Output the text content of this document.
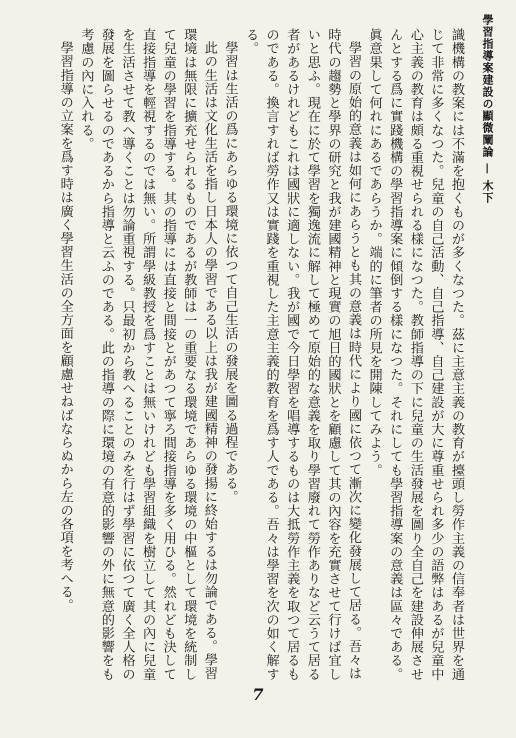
學習指導案建設の顯微闡論 — 木下

識機構の教案には不滿を抱くものが多くなつた。茲に主意主義の教育が擡頭し勞作主義の信奉者は世界を通じて非常に多くなつた。兒童の自己活動、自己指導、自己建設が大に尊重せられ多少の語弊はあるが兒童中心主義の教育は頗る重視せられる樣になつた。教師指導の下に兒童の生活發展を圖り全自己を建設伸展させんとする爲に實踐機構の學習指導案に傾倒する樣になつた。それにしても學習指導案の意義は區々である。眞意果して何れにあるであらうか。端的に筆者の所見を開陳してみよう。

學習の原始的意義は如何にあらうとも其の意義は時代により國に依つて漸次に變化發展して居る。吾々は時代の趨勢と學界の研究と我が建國精神と現實の旭日的國狀とを顧慮して其の內容を充實させて行けば宜しいと思ふ。現在に於て學習を獨逸流に解して極めて原始的な意義を取り學習廢れて勞作ありなど云うて居る者があるけれどもこれは國狀に適しない。我が國で今日學習を唱導するものは大抵勞作主義を取つて居るものである。換言すれば勞作又は實踐を重視した主意主義的教育を爲す人である。吾々は學習を次の如く解する。

學習は生活の爲にあらゆる環境に依つて自己生活の發展を圖る過程である。

此の生活は文化生活を指し日本人の學習である以上は我が建國精神の發揚に終始するは勿論である。學習環境は無限に擴充せられるものであるが教師は一の重要なる環境であらゆる環境の中樞として環境を統制して兒童の學習を指導する。其の指導には直接と間接とがあつて寧ろ間接指導を多く用ひる。然れども決して直接指導を輕視するのでは無い。所謂學級教授を爲すことは無いけれども學習組織を樹立して其の內に兒童を生活させて教へ導くことは勿論重視する。只最初から教へることのみを行はず學習に依つて廣く全人格の發展を圖らせるのであるから指導と云ふのである。此の指導の際に環境の有意的影響の外に無意的影響をも考慮の內に入れる。

學習指導の立案を爲す時は廣く學習生活の全方面を顧慮せねばならぬから左の各項を考へる。

7
